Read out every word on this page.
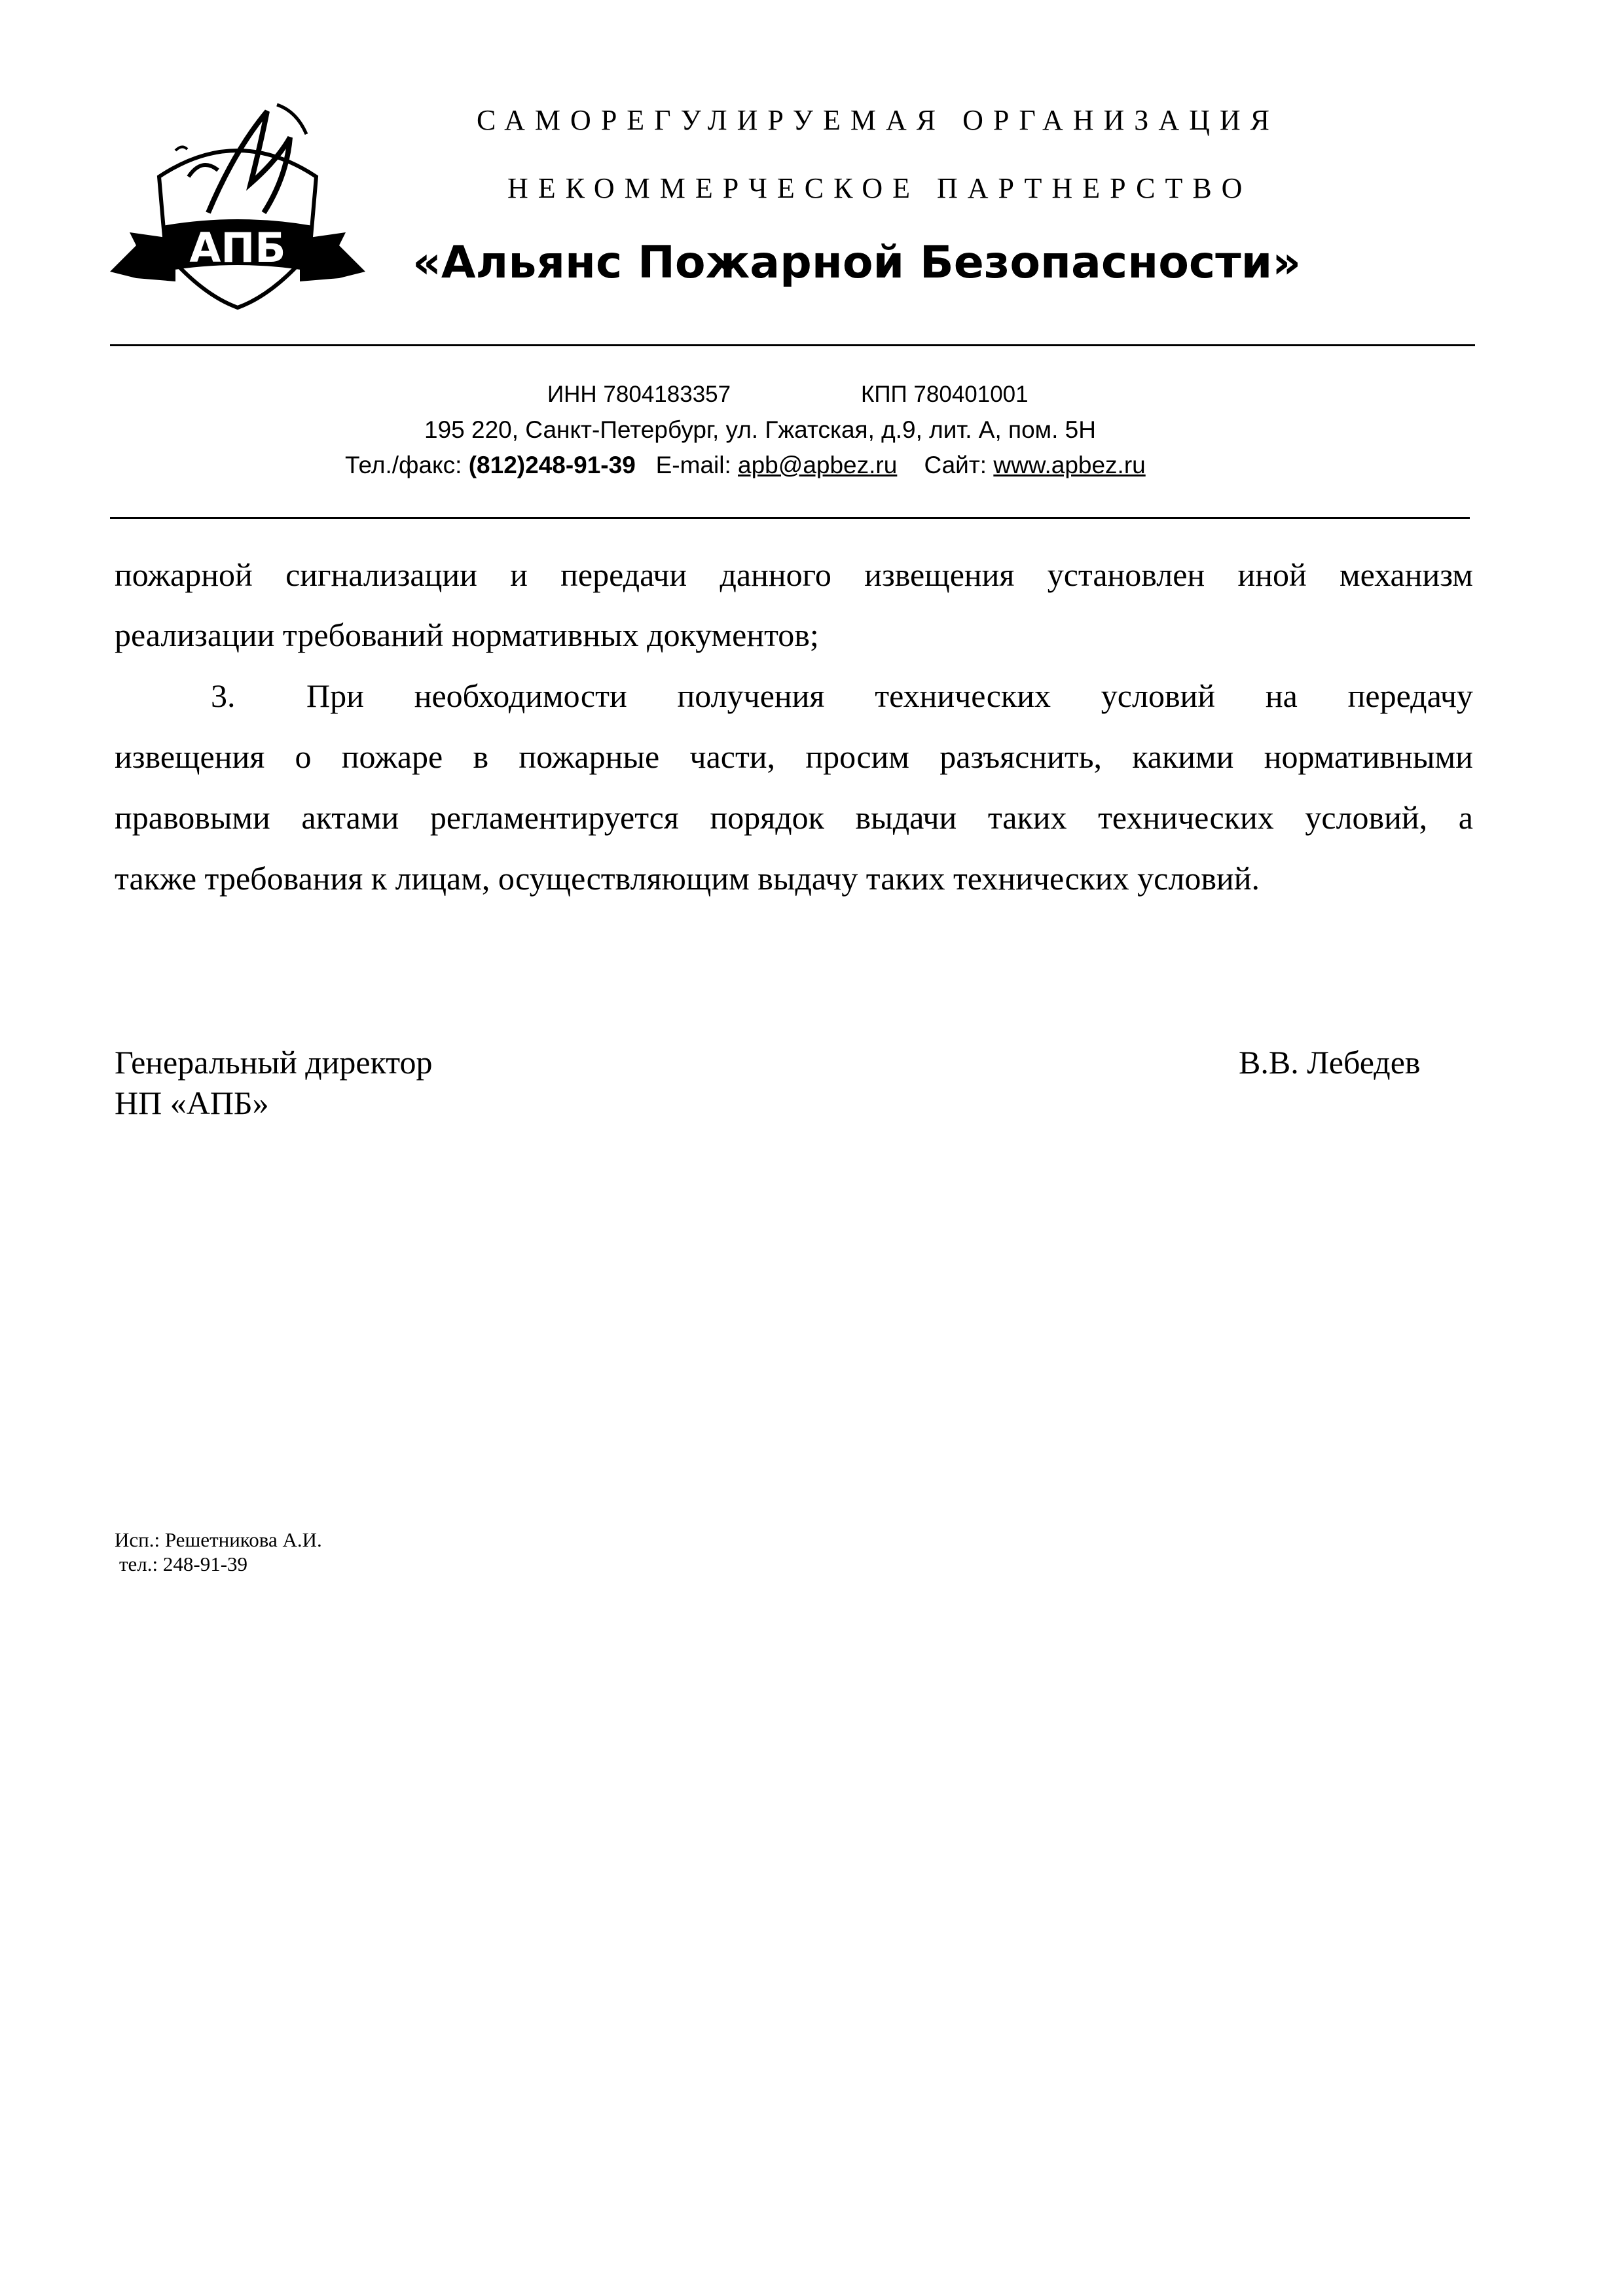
АПБ
САМОРЕГУЛИРУЕМАЯ ОРГАНИЗАЦИЯ
НЕКОММЕРЧЕСКОЕ ПАРТНЕРСТВО
«Альянс Пожарной Безопасности»
ИНН 7804183357	КПП 780401001
195 220, Санкт-Петербург, ул. Гжатская, д.9, лит. А, пом. 5Н
Тел./факс: (812)248-91-39 E-mail: apb@apbez.ru Сайт: www.apbez.ru
пожарной сигнализации и передачи данного извещения установлен иной механизм
реализации требований нормативных документов;
3. При необходимости получения технических условий на передачу
извещения о пожаре в пожарные части, просим разъяснить, какими нормативными
правовыми актами регламентируется порядок выдачи таких технических условий, а
также требования к лицам, осуществляющим выдачу таких технических условий.
Генеральный директор
НП «АПБ»
В.В. Лебедев
Исп.: Решетникова А.И.
тел.: 248-91-39
